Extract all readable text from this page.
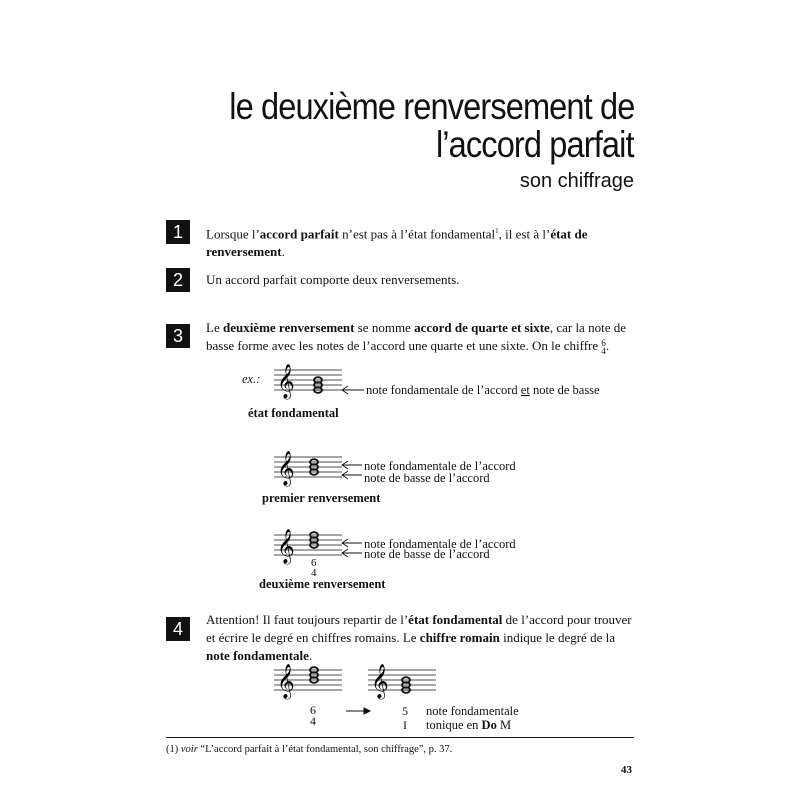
le deuxième renversement de
l’accord parfait
son chiffrage
1	Lorsque l’accord parfait n’est pas à l’état fondamental$^1$, il est à l’état de renversement.
2	Un accord parfait comporte deux renversements.
3	Le deuxième renversement se nomme accord de quarte et sixte, car la note de basse forme avec les notes de l’accord une quarte et une sixte. On le chiffre 6
4.
𝄞
𝄞
𝄞
𝄞	𝄞
ex.:
note fondamentale de l’accord et note de basse
état fondamental
note fondamentale de l’accord
note de basse de l’accord
premier renversement
note fondamentale de l’accord
note de basse de l’accord
6
4
deuxième renversement
4	Attention! Il faut toujours repartir de l’état fondamental de l’accord pour trouver et écrire le degré en chiffres romains. Le chiffre romain indique le degré de la note fondamentale.
6
4
5
I
note fondamentale
tonique en Do M
(1) voir “L’accord parfait à l’état fondamental, son chiffrage”, p. 37.
43
